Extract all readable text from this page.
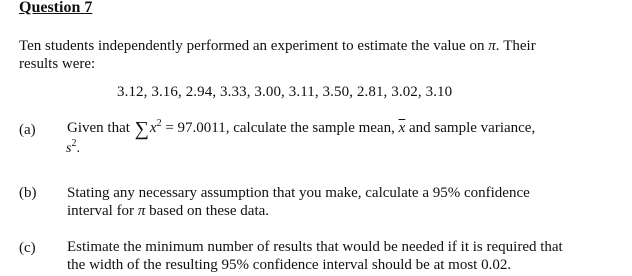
Question 7
Ten students independently performed an experiment to estimate the value on π. Their
results were:
3.12, 3.16, 2.94, 3.33, 3.00, 3.11, 3.50, 2.81, 3.02, 3.10
(a) Given that $\sum x^2 = 97.0011$, calculate the sample mean, $\overline{x}$ and sample variance,
$s^2$.
(b) Stating any necessary assumption that you make, calculate a 95% confidence
interval for π based on these data.
(c) Estimate the minimum number of results that would be needed if it is required that
the width of the resulting 95% confidence interval should be at most 0.02.
